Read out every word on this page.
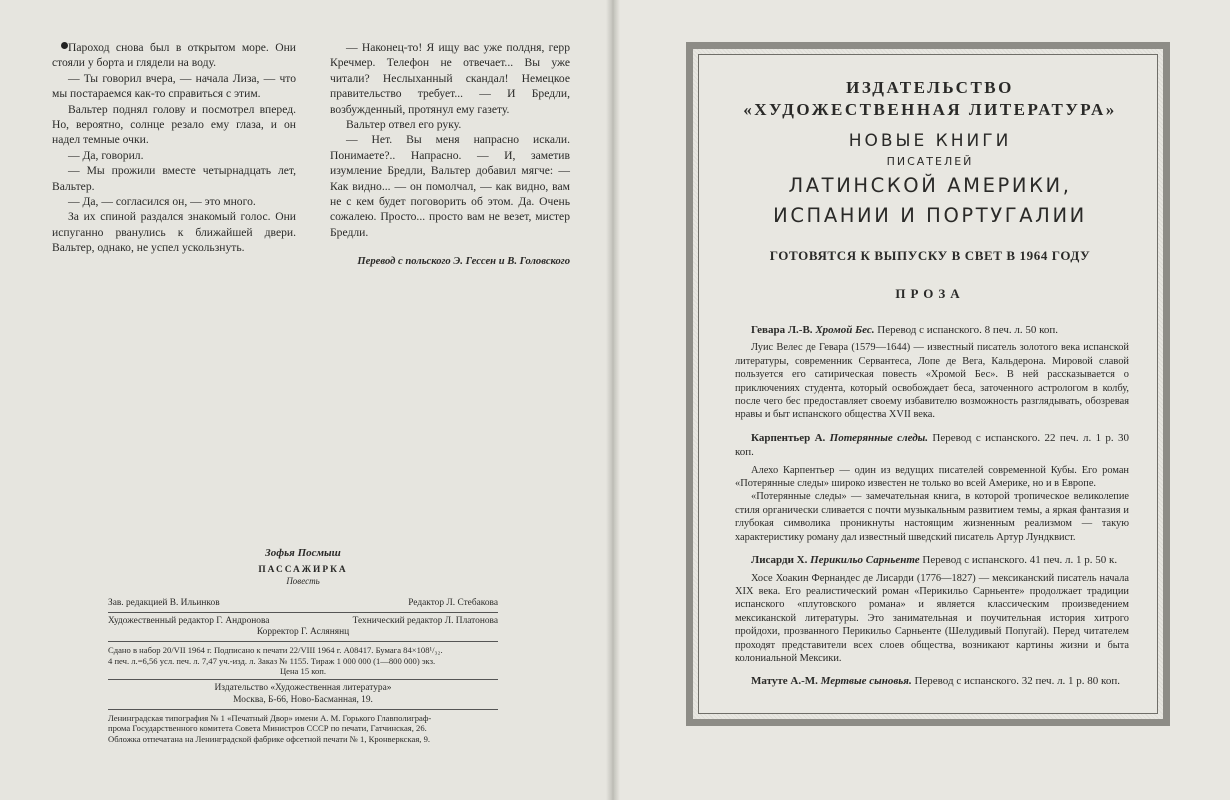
Пароход снова был в открытом море. Они стояли у борта и глядели на воду.

— Ты говорил вчера, — начала Лиза, — что мы постараемся как-то справиться с этим.

Вальтер поднял голову и посмотрел вперед. Но, вероятно, солнце резало ему глаза, и он надел темные очки.

— Да, говорил.

— Мы прожили вместе четырнадцать лет, Вальтер.

— Да, — согласился он, — это много.

За их спиной раздался знакомый голос. Они испуганно рванулись к ближайшей двери. Вальтер, однако, не успел ускользнуть.

— Наконец-то! Я ищу вас уже полдня, герр Кречмер. Телефон не отвечает... Вы уже читали? Неслыханный скандал! Немецкое правительство требует... — И Бредли, возбужденный, протянул ему газету.

Вальтер отвел его руку.

— Нет. Вы меня напрасно искали. Понимаете?.. Напрасно. — И, заметив изумление Бредли, Вальтер добавил мягче: — Как видно... — он помолчал, — как видно, вам не с кем будет поговорить об этом. Да. Очень сожалею. Просто... просто вам не везет, мистер Бредли.

Перевод с польского Э. Гессен и В. Головского

Зофья Посмыш
ПАССАЖИРКА
Повесть
Зав. редакцией В. Ильинков	Редактор Л. Стебакова
Художественный редактор Г. Андронова	Технический редактор Л. Платонова
Корректор Г. Аслянянц
Сдано в набор 20/VII 1964 г. Подписано к печати 22/VIII 1964 г. А08417. Бумага 84×108¹/₃₂.
4 печ. л.=6,56 усл. печ. л. 7,47 уч.-изд. л. Заказ № 1155. Тираж 1 000 000 (1—800 000) экз.
Цена 15 коп.
Издательство «Художественная литература»
Москва, Б-66, Ново-Басманная, 19.
Ленинградская типография № 1 «Печатный Двор» имени А. М. Горького Главполиграф-
прома Государственного комитета Совета Министров СССР по печати, Гатчинская, 26.
Обложка отпечатана на Ленинградской фабрике офсетной печати № 1, Кронверкская, 9.
ИЗДАТЕЛЬСТВО
«ХУДОЖЕСТВЕННАЯ ЛИТЕРАТУРА»
НОВЫЕ КНИГИ
ПИСАТЕЛЕЙ
ЛАТИНСКОЙ АМЕРИКИ,
ИСПАНИИ И ПОРТУГАЛИИ
ГОТОВЯТСЯ К ВЫПУСКУ В СВЕТ В 1964 ГОДУ
ПРОЗА

Гевара Л.-В. Хромой Бес. Перевод с испанского. 8 печ. л. 50 коп.

Луис Велес де Гевара (1579—1644) — известный писатель золотого века испанской литературы, современник Сервантеса, Лопе де Вега, Кальдерона. Мировой славой пользуется его сатирическая повесть «Хромой Бес». В ней рассказывается о приключениях студента, который освобождает беса, заточенного астрологом в колбу, после чего бес предоставляет своему избавителю возможность разглядывать, обозревая нравы и быт испанского общества XVII века.

Карпентьер А. Потерянные следы. Перевод с испанского. 22 печ. л. 1 р. 30 коп.

Алехо Карпентьер — один из ведущих писателей современной Кубы. Его роман «Потерянные следы» широко известен не только во всей Америке, но и в Европе.

«Потерянные следы» — замечательная книга, в которой тропическое великолепие стиля органически сливается с почти музыкальным развитием темы, а яркая фантазия и глубокая символика проникнуты настоящим жизненным реализмом — такую характеристику роману дал известный шведский писатель Артур Лундквист.

Лисарди Х. Перикильо Сарньенте Перевод с испанского. 41 печ. л. 1 р. 50 к.

Хосе Хоакин Фернандес де Лисарди (1776—1827) — мексиканский писатель начала XIX века. Его реалистический роман «Перикильо Сарньенте» продолжает традиции испанского «плутовского романа» и является классическим произведением мексиканской литературы. Это занимательная и поучительная история хитрого пройдохи, прозванного Перикильо Сарньенте (Шелудивый Попугай). Перед читателем проходят представители всех слоев общества, возникают картины жизни и быта колониальной Мексики.

Матуте А.-М. Мертвые сыновья. Перевод с испанского. 32 печ. л. 1 р. 80 коп.
